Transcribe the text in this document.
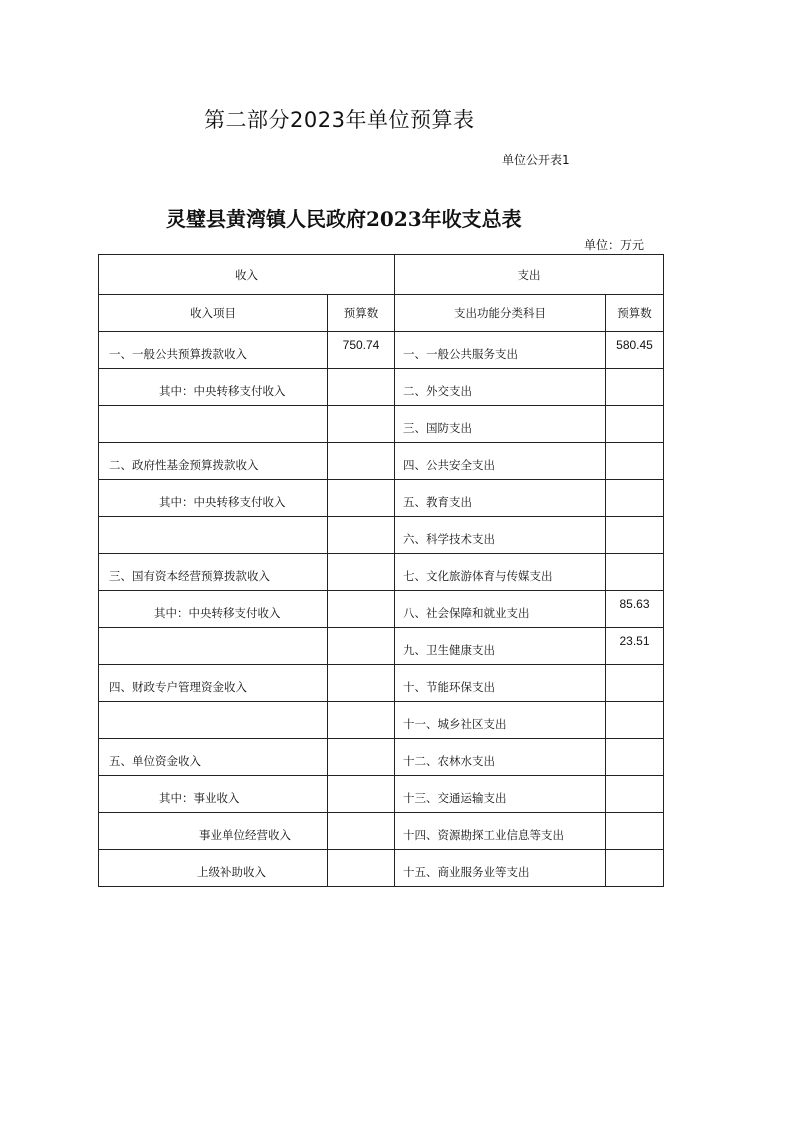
第二部分2023年单位预算表
单位公开表1
灵璧县黄湾镇人民政府2023年收支总表
单位：万元
收入		支出	
收入项目	预算数	支出功能分类科目	预算数
一、一般公共预算拨款收入	750.74	一、一般公共服务支出	580.45
其中：中央转移支付收入		二、外交支出	
		三、国防支出	
二、政府性基金预算拨款收入		四、公共安全支出	
其中：中央转移支付收入		五、教育支出	
		六、科学技术支出	
三、国有资本经营预算拨款收入		七、文化旅游体育与传媒支出	
其中：中央转移支付收入		八、社会保障和就业支出	85.63
		九、卫生健康支出	23.51
四、财政专户管理资金收入		十、节能环保支出	
		十一、城乡社区支出	
五、单位资金收入		十二、农林水支出	
其中：事业收入		十三、交通运输支出	
事业单位经营收入		十四、资源勘探工业信息等支出	
上级补助收入		十五、商业服务业等支出	
